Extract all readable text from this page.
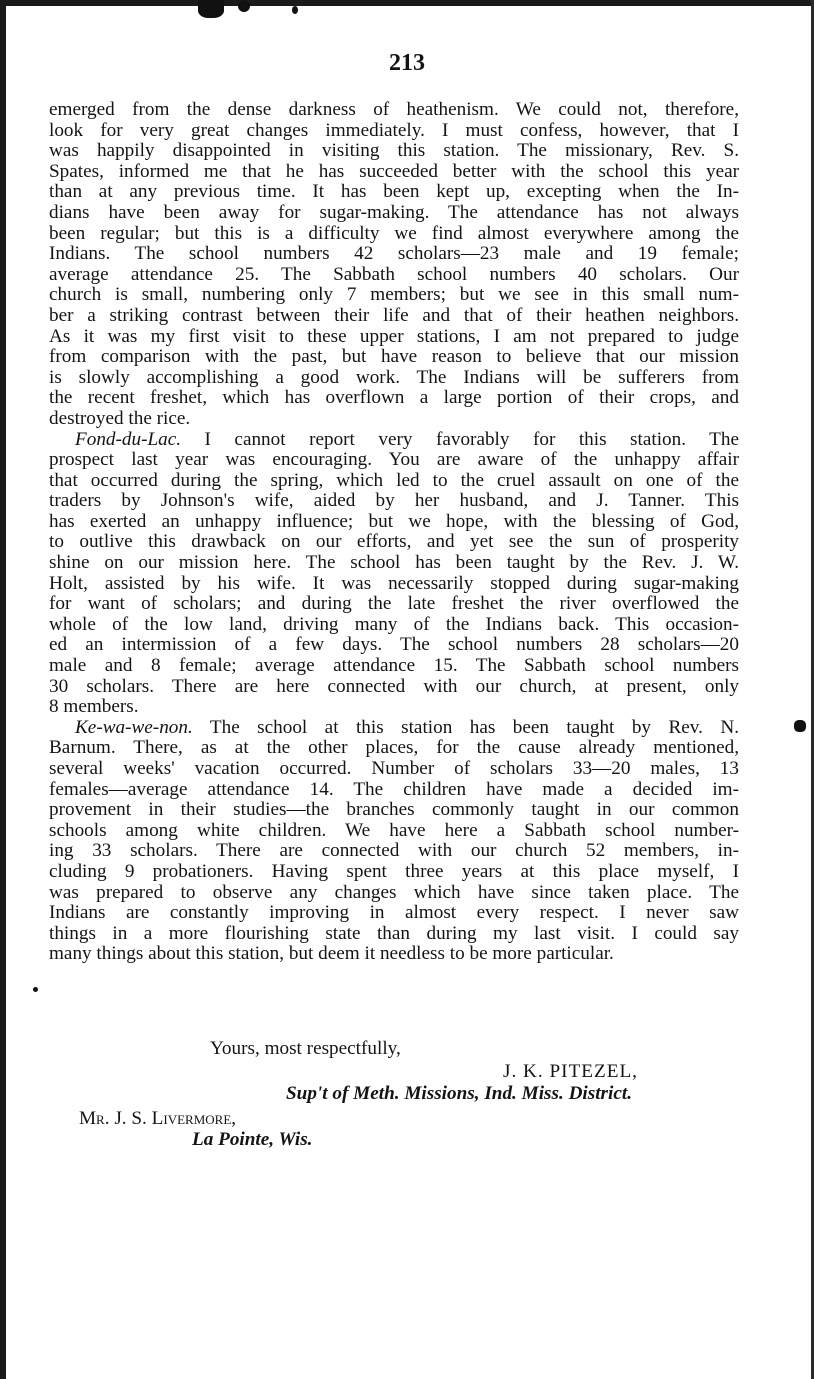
213
emerged from the dense darkness of heathenism. We could not, therefore,
look for very great changes immediately. I must confess, however, that I
was happily disappointed in visiting this station. The missionary, Rev. S.
Spates, informed me that he has succeeded better with the school this year
than at any previous time. It has been kept up, excepting when the In-
dians have been away for sugar-making. The attendance has not always
been regular; but this is a difficulty we find almost everywhere among the
Indians. The school numbers 42 scholars—23 male and 19 female;
average attendance 25. The Sabbath school numbers 40 scholars. Our
church is small, numbering only 7 members; but we see in this small num-
ber a striking contrast between their life and that of their heathen neighbors.
As it was my first visit to these upper stations, I am not prepared to judge
from comparison with the past, but have reason to believe that our mission
is slowly accomplishing a good work. The Indians will be sufferers from
the recent freshet, which has overflown a large portion of their crops, and
destroyed the rice.
Fond-du-Lac. I cannot report very favorably for this station. The
prospect last year was encouraging. You are aware of the unhappy affair
that occurred during the spring, which led to the cruel assault on one of the
traders by Johnson's wife, aided by her husband, and J. Tanner. This
has exerted an unhappy influence; but we hope, with the blessing of God,
to outlive this drawback on our efforts, and yet see the sun of prosperity
shine on our mission here. The school has been taught by the Rev. J. W.
Holt, assisted by his wife. It was necessarily stopped during sugar-making
for want of scholars; and during the late freshet the river overflowed the
whole of the low land, driving many of the Indians back. This occasion-
ed an intermission of a few days. The school numbers 28 scholars—20
male and 8 female; average attendance 15. The Sabbath school numbers
30 scholars. There are here connected with our church, at present, only
8 members.
Ke-wa-we-non. The school at this station has been taught by Rev. N.
Barnum. There, as at the other places, for the cause already mentioned,
several weeks' vacation occurred. Number of scholars 33—20 males, 13
females—average attendance 14. The children have made a decided im-
provement in their studies—the branches commonly taught in our common
schools among white children. We have here a Sabbath school number-
ing 33 scholars. There are connected with our church 52 members, in-
cluding 9 probationers. Having spent three years at this place myself, I
was prepared to observe any changes which have since taken place. The
Indians are constantly improving in almost every respect. I never saw
things in a more flourishing state than during my last visit. I could say
many things about this station, but deem it needless to be more particular.
Yours, most respectfully,
J. K. PITEZEL,
Sup't of Meth. Missions, Ind. Miss. District.
Mr. J. S. Livermore,
La Pointe, Wis.
